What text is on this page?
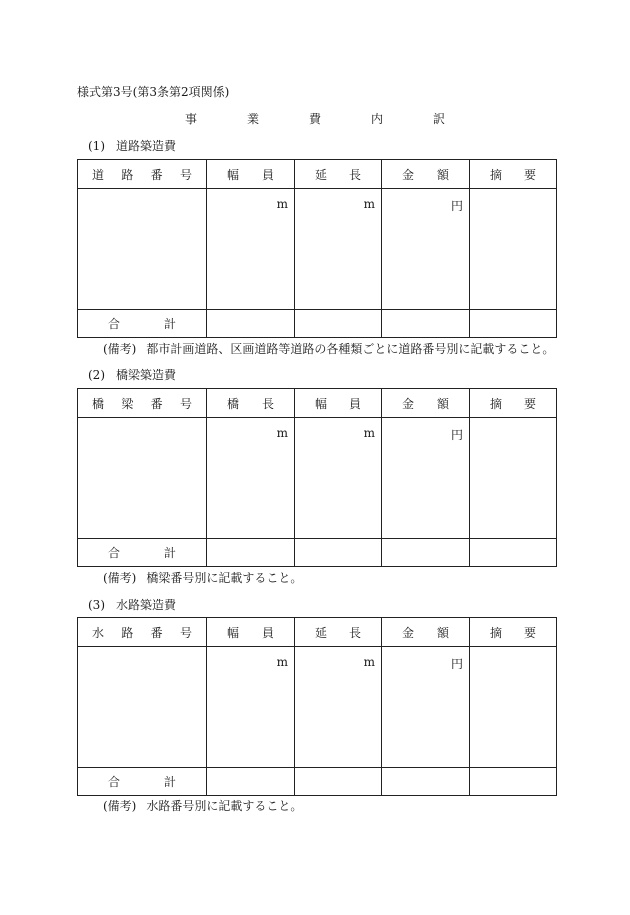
様式第3号(第3条第2項関係)
事	業	費	内	訳
(1) 道路築造費
道 路 番 号	幅 員	延 長	金 額	摘 要

	m	m	円	

合 計				

(備考) 都市計画道路、区画道路等道路の各種類ごとに道路番号別に記載すること。
(2) 橋梁築造費
橋 梁 番 号	橋 長	幅 員	金 額	摘 要

	m	m	円	

合 計				

(備考) 橋梁番号別に記載すること。
(3) 水路築造費
水 路 番 号	幅 員	延 長	金 額	摘 要

	m	m	円	

合 計				

(備考) 水路番号別に記載すること。
